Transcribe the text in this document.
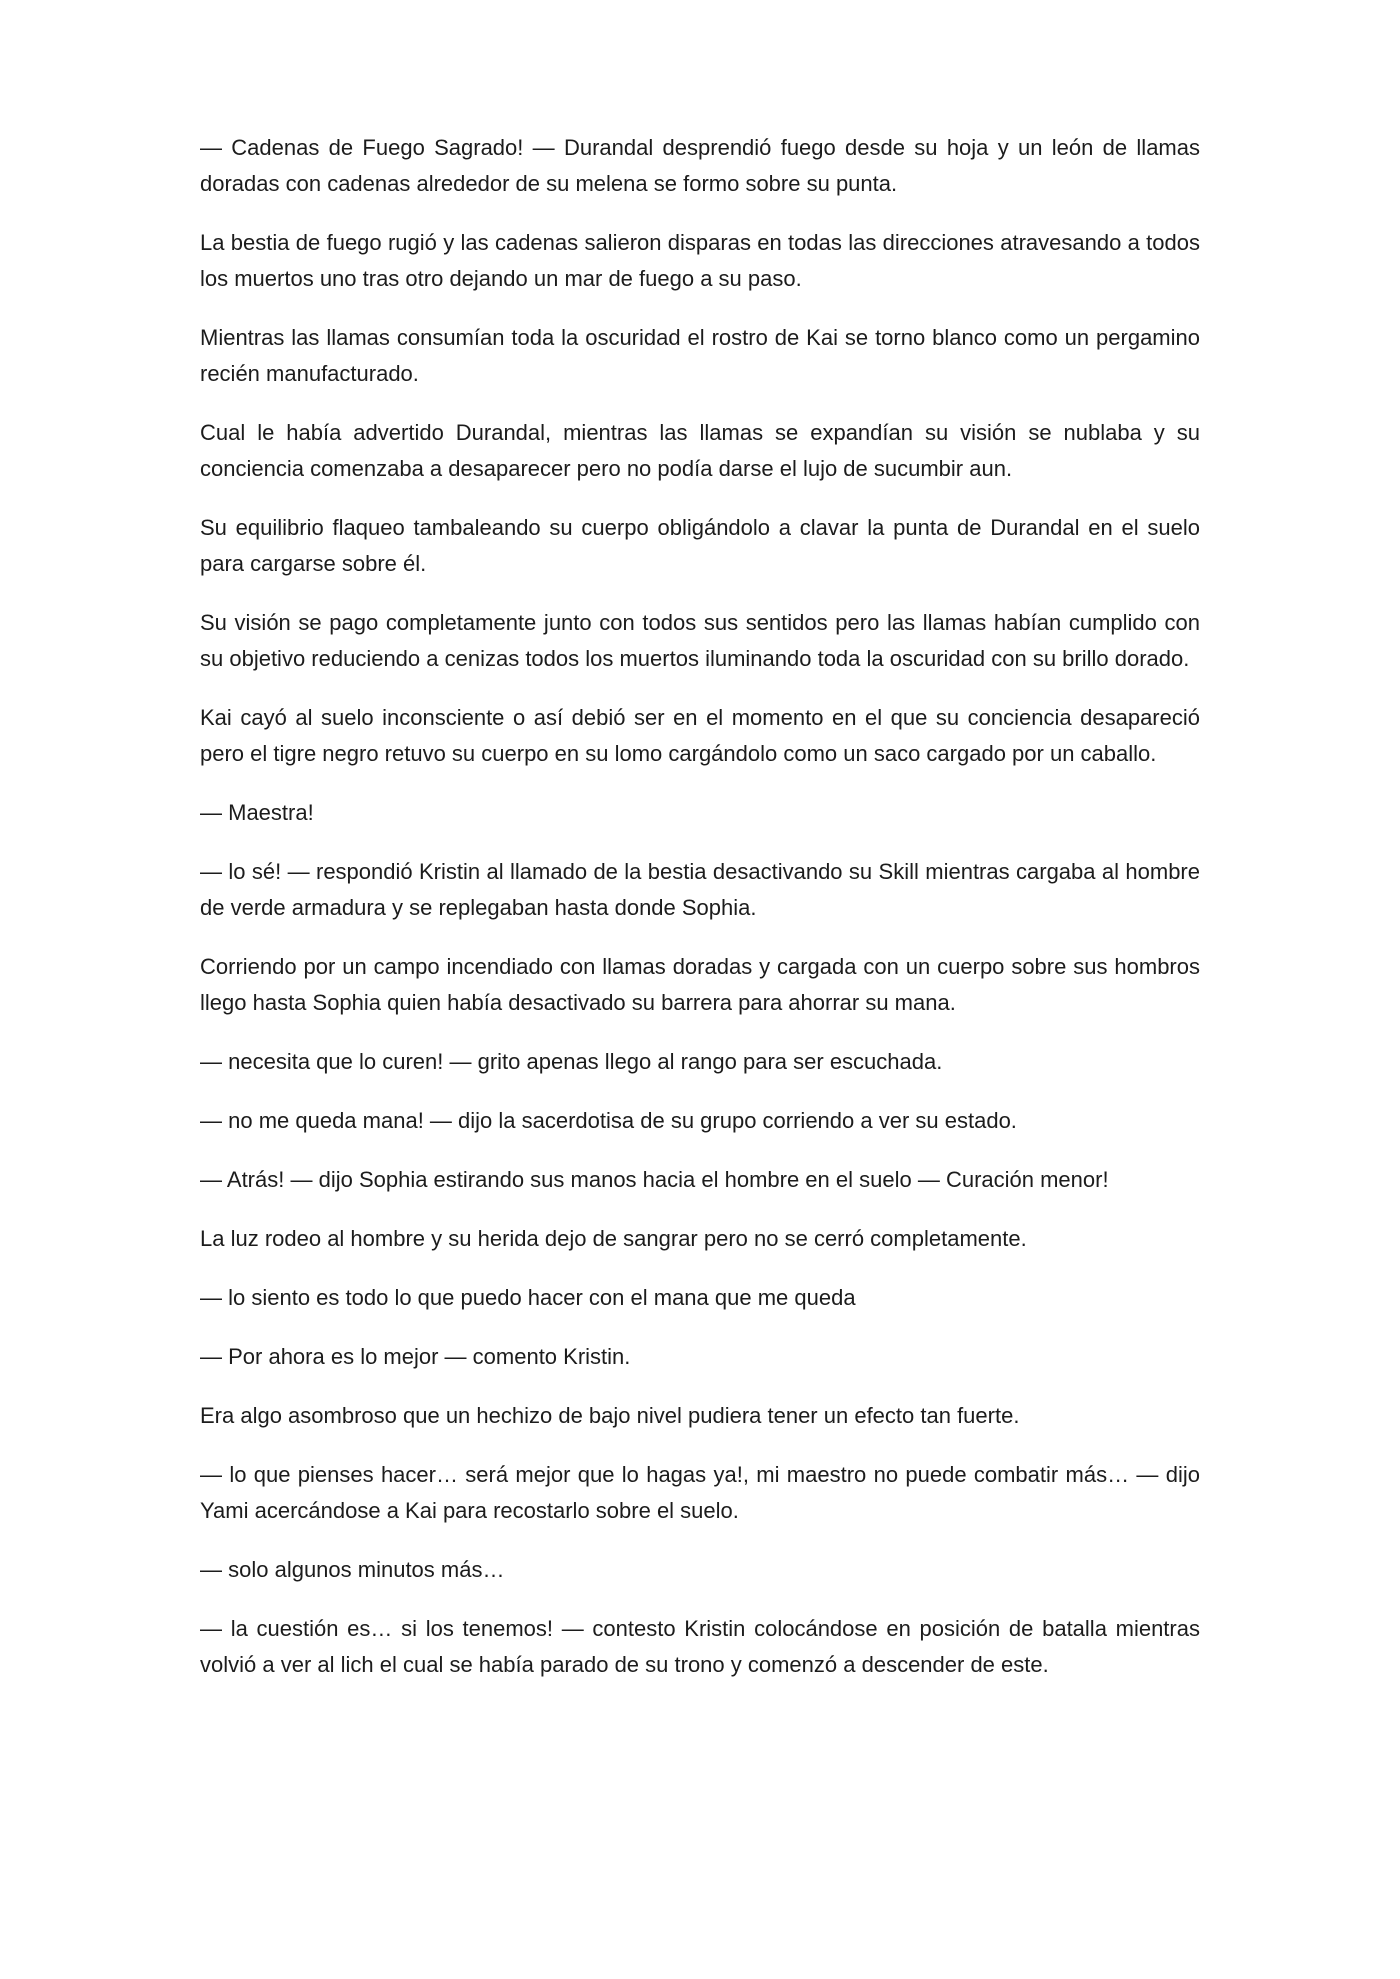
— Cadenas de Fuego Sagrado! — Durandal desprendió fuego desde su hoja y un león de llamas doradas con cadenas alrededor de su melena se formo sobre su punta.

La bestia de fuego rugió y las cadenas salieron disparas en todas las direcciones atravesando a todos los muertos uno tras otro dejando un mar de fuego a su paso.

Mientras las llamas consumían toda la oscuridad el rostro de Kai se torno blanco como un pergamino recién manufacturado.

Cual le había advertido Durandal, mientras las llamas se expandían su visión se nublaba y su conciencia comenzaba a desaparecer pero no podía darse el lujo de sucumbir aun.

Su equilibrio flaqueo tambaleando su cuerpo obligándolo a clavar la punta de Durandal en el suelo para cargarse sobre él.

Su visión se pago completamente junto con todos sus sentidos pero las llamas habían cumplido con su objetivo reduciendo a cenizas todos los muertos iluminando toda la oscuridad con su brillo dorado.

Kai cayó al suelo inconsciente o así debió ser en el momento en el que su conciencia desapareció pero el tigre negro retuvo su cuerpo en su lomo cargándolo como un saco cargado por un caballo.

— Maestra!

— lo sé! — respondió Kristin al llamado de la bestia desactivando su Skill mientras cargaba al hombre de verde armadura y se replegaban hasta donde Sophia.

Corriendo por un campo incendiado con llamas doradas y cargada con un cuerpo sobre sus hombros llego hasta Sophia quien había desactivado su barrera para ahorrar su mana.

— necesita que lo curen! — grito apenas llego al rango para ser escuchada.

— no me queda mana! — dijo la sacerdotisa de su grupo corriendo a ver su estado.

— Atrás! — dijo Sophia estirando sus manos hacia el hombre en el suelo — Curación menor!

La luz rodeo al hombre y su herida dejo de sangrar pero no se cerró completamente.

— lo siento es todo lo que puedo hacer con el mana que me queda

— Por ahora es lo mejor — comento Kristin.

Era algo asombroso que un hechizo de bajo nivel pudiera tener un efecto tan fuerte.

— lo que pienses hacer… será mejor que lo hagas ya!, mi maestro no puede combatir más… — dijo Yami acercándose a Kai para recostarlo sobre el suelo.

— solo algunos minutos más…

— la cuestión es… si los tenemos! — contesto Kristin colocándose en posición de batalla mientras volvió a ver al lich el cual se había parado de su trono y comenzó a descender de este.
